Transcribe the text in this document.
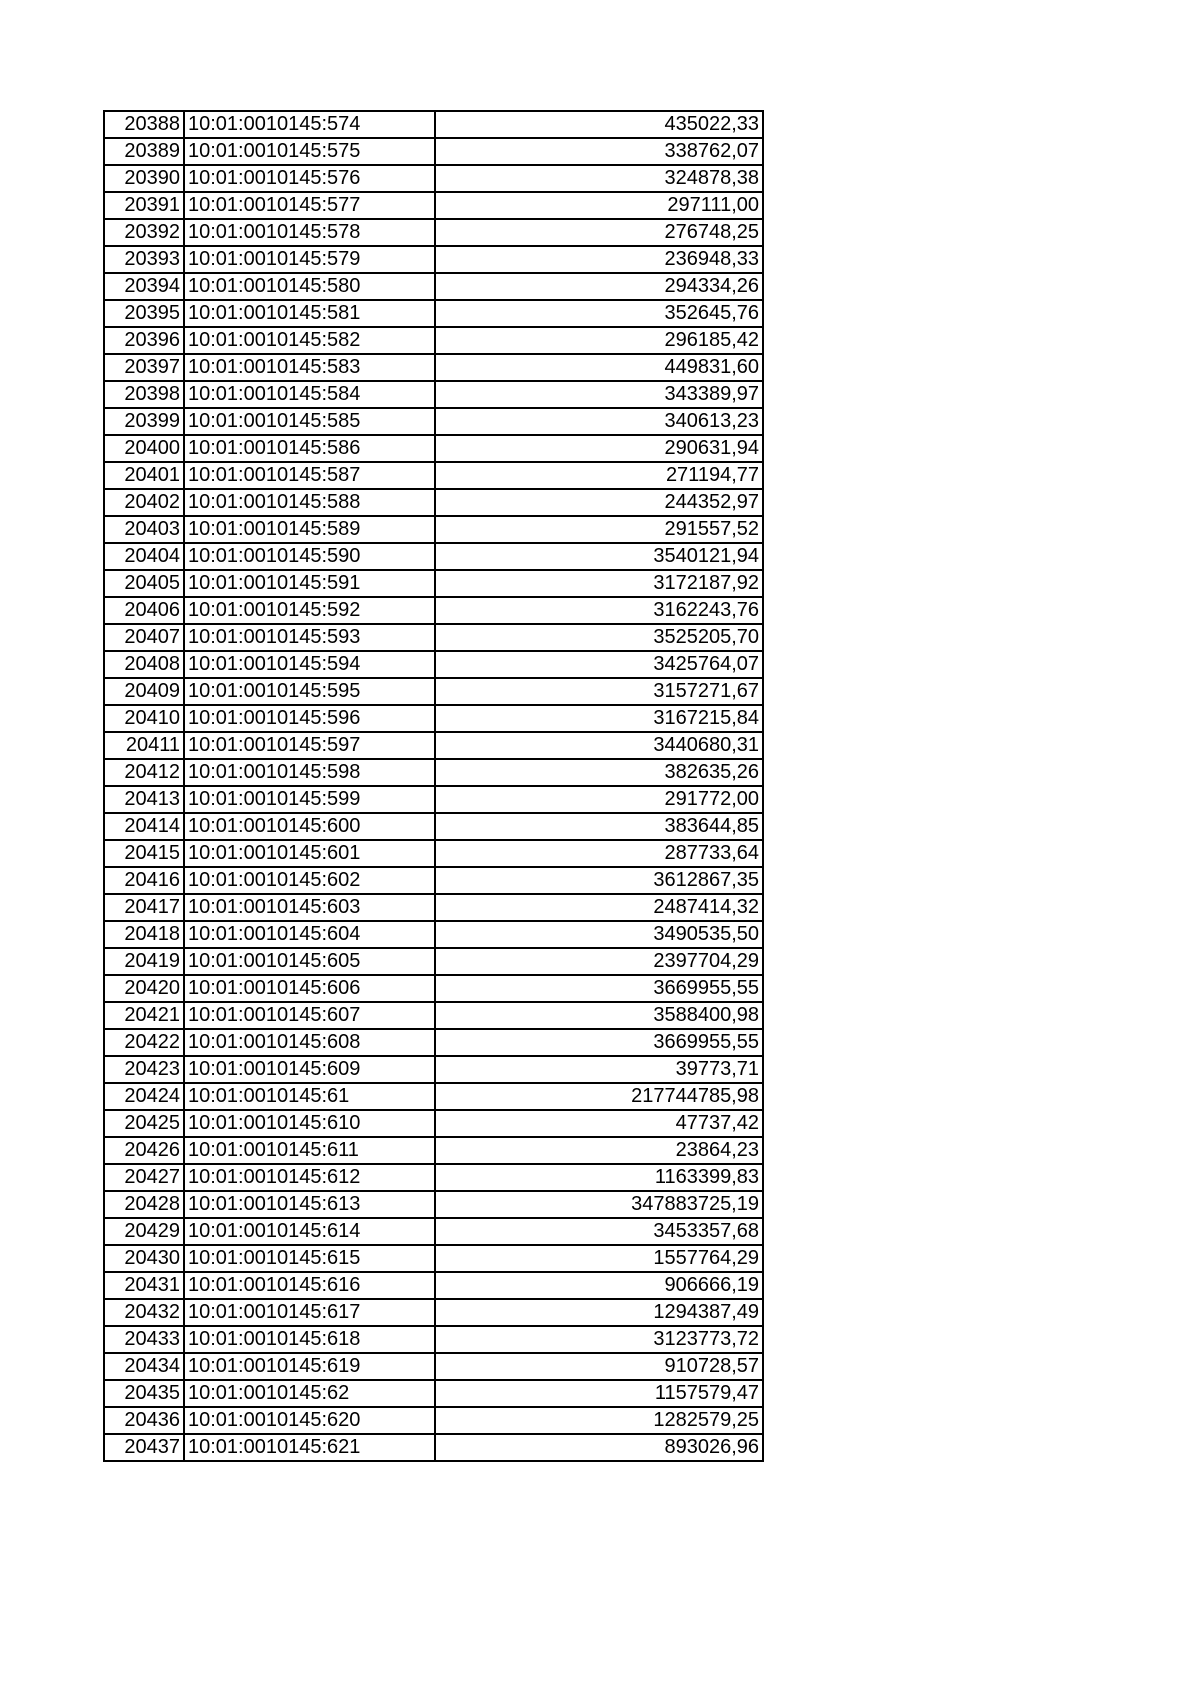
20388	10:01:0010145:574	435022,33
20389	10:01:0010145:575	338762,07
20390	10:01:0010145:576	324878,38
20391	10:01:0010145:577	297111,00
20392	10:01:0010145:578	276748,25
20393	10:01:0010145:579	236948,33
20394	10:01:0010145:580	294334,26
20395	10:01:0010145:581	352645,76
20396	10:01:0010145:582	296185,42
20397	10:01:0010145:583	449831,60
20398	10:01:0010145:584	343389,97
20399	10:01:0010145:585	340613,23
20400	10:01:0010145:586	290631,94
20401	10:01:0010145:587	271194,77
20402	10:01:0010145:588	244352,97
20403	10:01:0010145:589	291557,52
20404	10:01:0010145:590	3540121,94
20405	10:01:0010145:591	3172187,92
20406	10:01:0010145:592	3162243,76
20407	10:01:0010145:593	3525205,70
20408	10:01:0010145:594	3425764,07
20409	10:01:0010145:595	3157271,67
20410	10:01:0010145:596	3167215,84
20411	10:01:0010145:597	3440680,31
20412	10:01:0010145:598	382635,26
20413	10:01:0010145:599	291772,00
20414	10:01:0010145:600	383644,85
20415	10:01:0010145:601	287733,64
20416	10:01:0010145:602	3612867,35
20417	10:01:0010145:603	2487414,32
20418	10:01:0010145:604	3490535,50
20419	10:01:0010145:605	2397704,29
20420	10:01:0010145:606	3669955,55
20421	10:01:0010145:607	3588400,98
20422	10:01:0010145:608	3669955,55
20423	10:01:0010145:609	39773,71
20424	10:01:0010145:61	217744785,98
20425	10:01:0010145:610	47737,42
20426	10:01:0010145:611	23864,23
20427	10:01:0010145:612	1163399,83
20428	10:01:0010145:613	347883725,19
20429	10:01:0010145:614	3453357,68
20430	10:01:0010145:615	1557764,29
20431	10:01:0010145:616	906666,19
20432	10:01:0010145:617	1294387,49
20433	10:01:0010145:618	3123773,72
20434	10:01:0010145:619	910728,57
20435	10:01:0010145:62	1157579,47
20436	10:01:0010145:620	1282579,25
20437	10:01:0010145:621	893026,96
